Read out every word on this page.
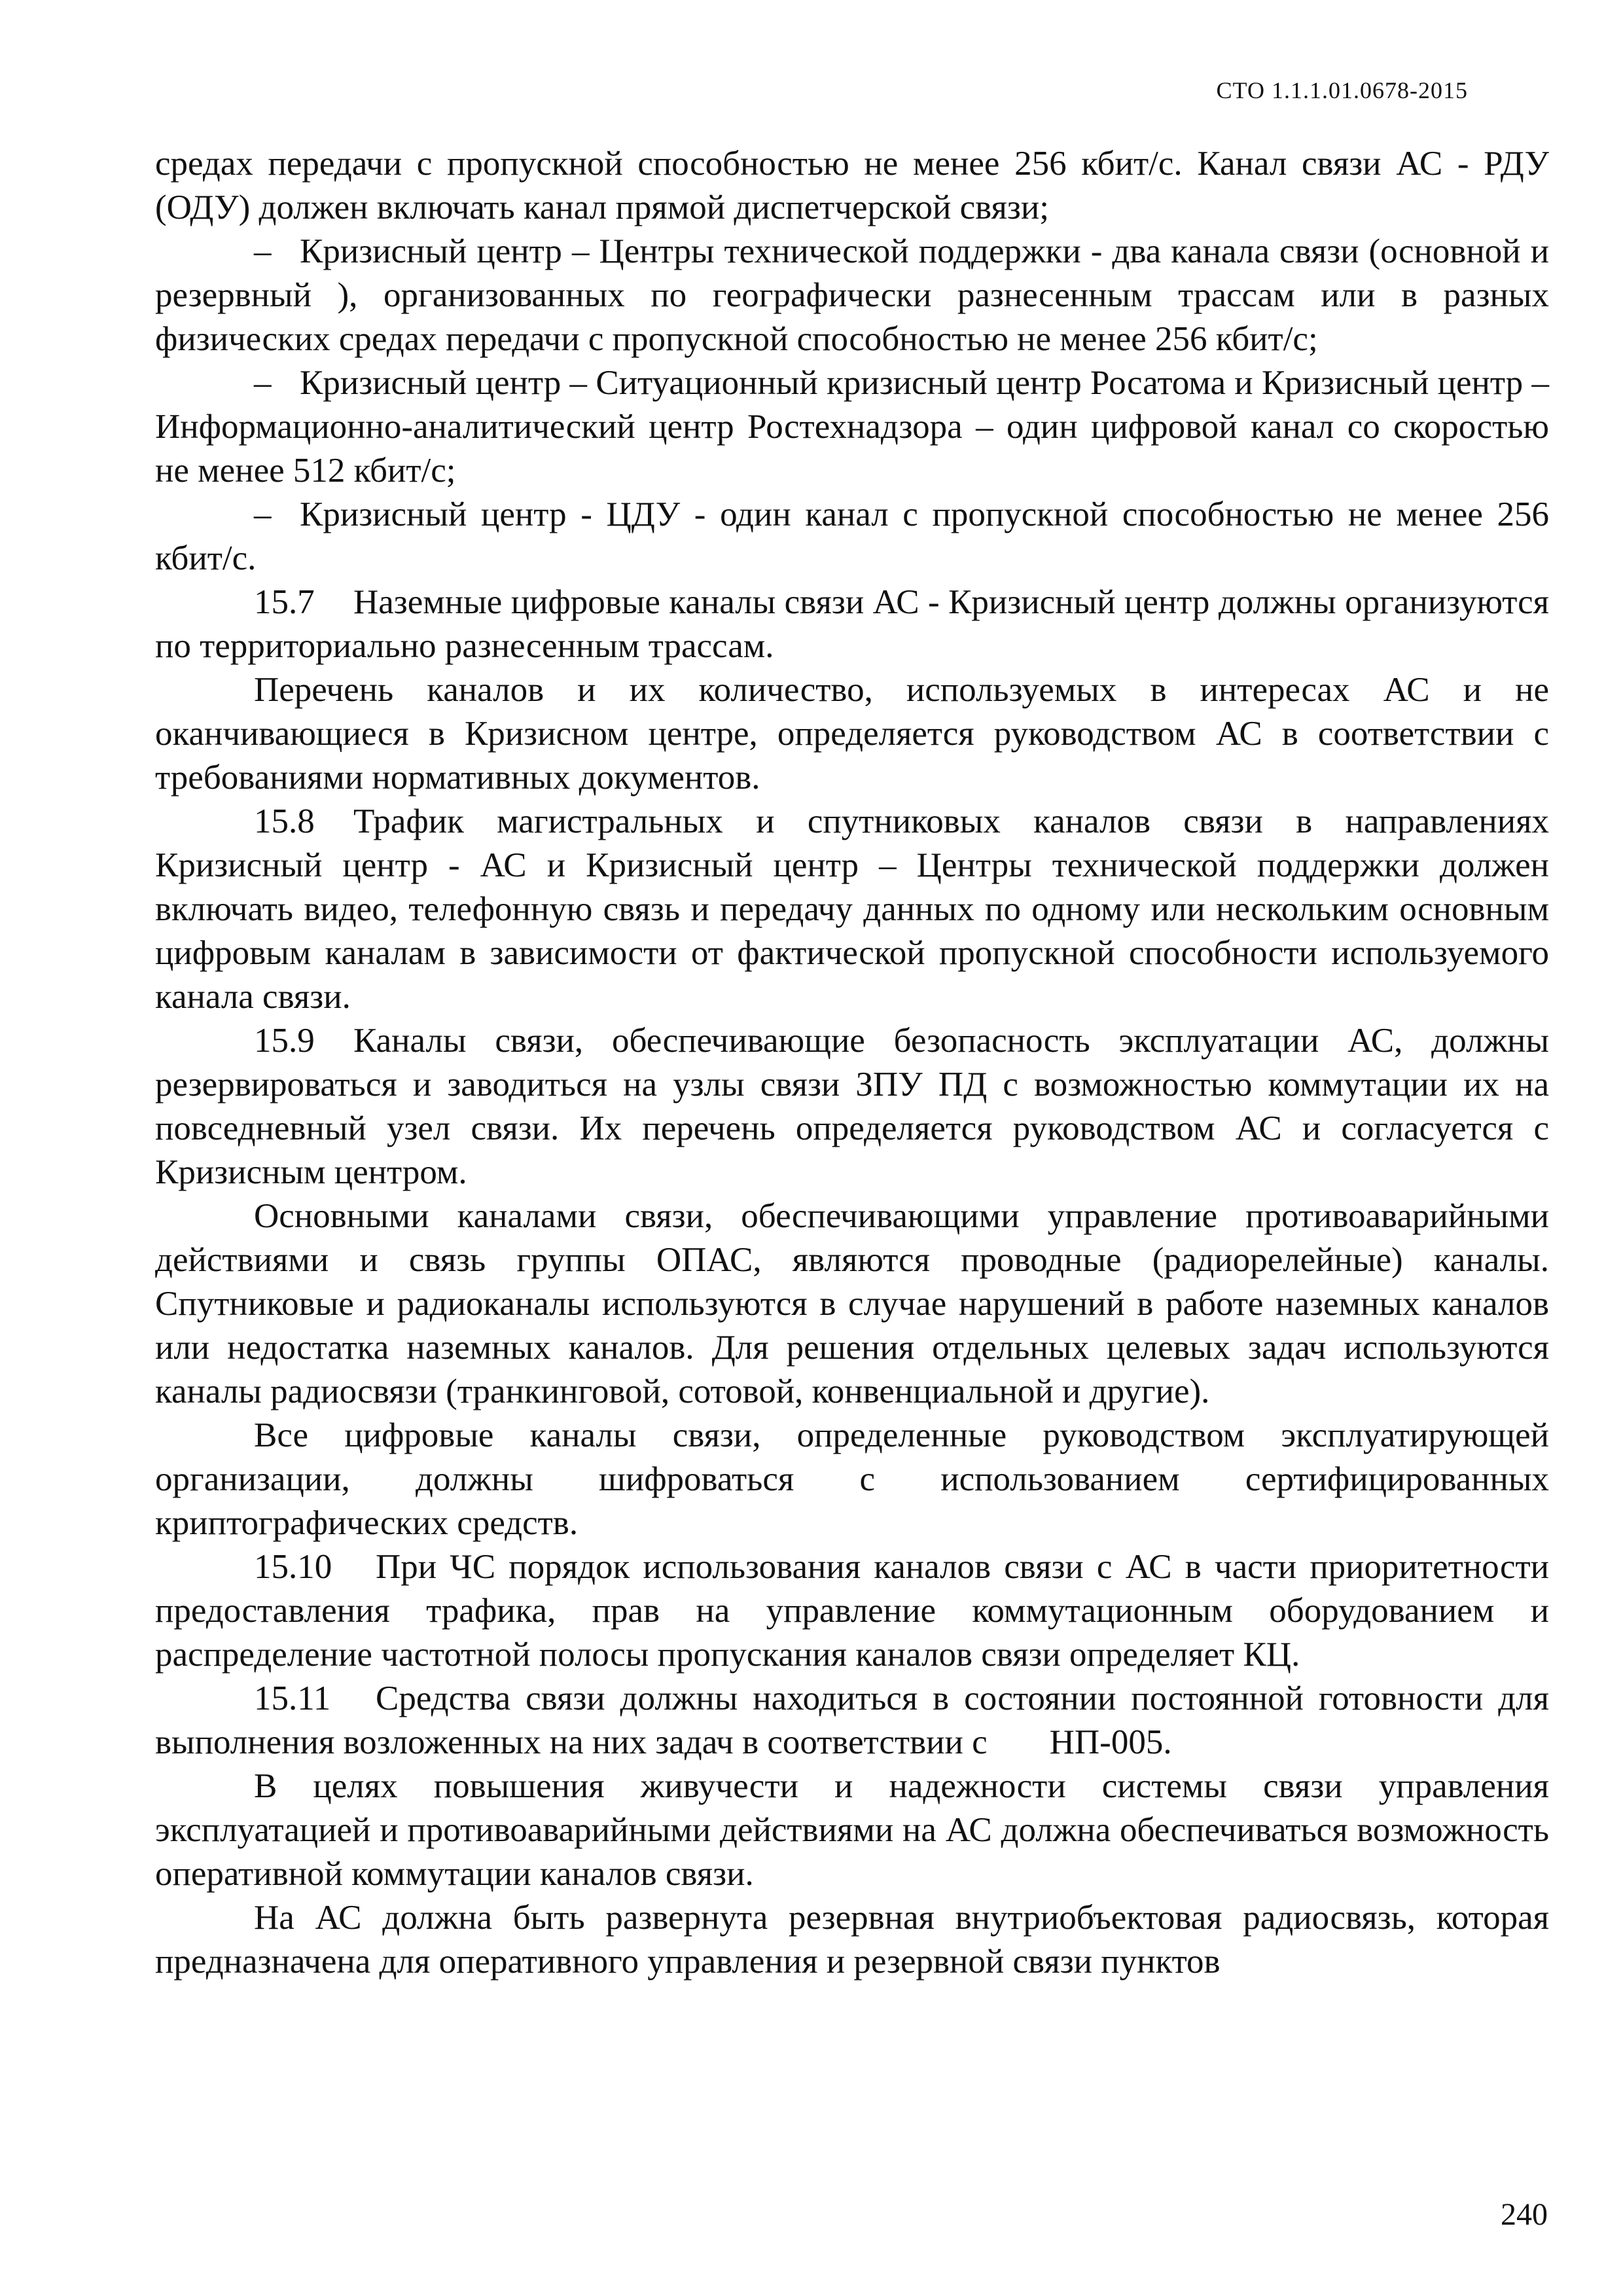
СТО 1.1.1.01.0678-2015

средах передачи с пропускной способностью не менее 256 кбит/с. Канал связи АС - РДУ (ОДУ) должен включать канал прямой диспетчерской связи;

– Кризисный центр – Центры технической поддержки - два канала связи (основной и резервный ), организованных по географически разнесенным трассам или в разных физических средах передачи с пропускной способностью не менее 256 кбит/с;

– Кризисный центр – Ситуационный кризисный центр Росатома и Кризисный центр – Информационно-аналитический центр Ростехнадзора – один цифровой канал со скоростью не менее 512 кбит/с;

– Кризисный центр - ЦДУ - один канал с пропускной способностью не менее 256 кбит/с.

15.7 Наземные цифровые каналы связи АС - Кризисный центр должны организуются по территориально разнесенным трассам.

Перечень каналов и их количество, используемых в интересах АС и не оканчивающиеся в Кризисном центре, определяется руководством АС в соответствии с требованиями нормативных документов.

15.8 Трафик магистральных и спутниковых каналов связи в направлениях Кризисный центр - АС и Кризисный центр – Центры технической поддержки должен включать видео, телефонную связь и передачу данных по одному или нескольким основным цифровым каналам в зависимости от фактической пропускной способности используемого канала связи.

15.9 Каналы связи, обеспечивающие безопасность эксплуатации АС, должны резервироваться и заводиться на узлы связи ЗПУ ПД с возможностью коммутации их на повседневный узел связи. Их перечень определяется руководством АС и согласуется с Кризисным центром.

Основными каналами связи, обеспечивающими управление противоаварийными действиями и связь группы ОПАС, являются проводные (радиорелейные) каналы. Спутниковые и радиоканалы используются в случае нарушений в работе наземных каналов или недостатка наземных каналов. Для решения отдельных целевых задач используются каналы радиосвязи (транкинговой, сотовой, конвенциальной и другие).

Все цифровые каналы связи, определенные руководством эксплуатирующей организации, должны шифроваться с использованием сертифицированных криптографических средств.

15.10 При ЧС порядок использования каналов связи с АС в части приоритетности предоставления трафика, прав на управление коммутационным оборудованием и распределение частотной полосы пропускания каналов связи определяет КЦ.

15.11 Средства связи должны находиться в состоянии постоянной готовности для выполнения возложенных на них задач в соответствии с НП-005.

В целях повышения живучести и надежности системы связи управления эксплуатацией и противоаварийными действиями на АС должна обеспечиваться возможность оперативной коммутации каналов связи.

На АС должна быть развернута резервная внутриобъектовая радиосвязь, которая предназначена для оперативного управления и резервной связи пунктов

240
